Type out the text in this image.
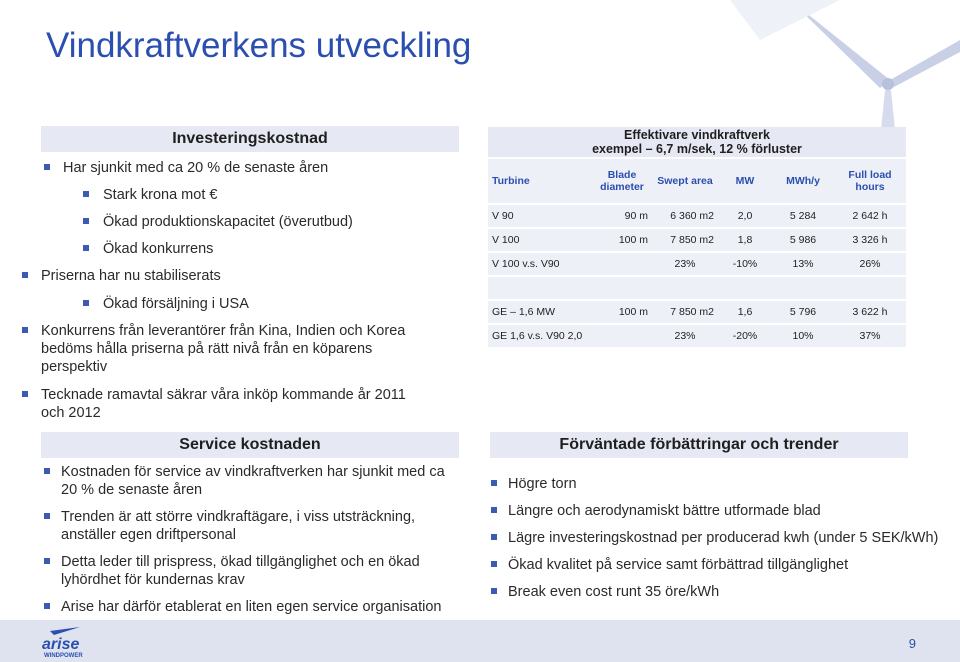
Vindkraftverkens utveckling
Investeringskostnad
Har sjunkit med ca 20 % de senaste åren
Stark krona mot €
Ökad produktionskapacitet (överutbud)
Ökad konkurrens
Priserna har nu stabiliserats
Ökad försäljning i USA
Konkurrens från leverantörer från Kina, Indien och Korea bedöms hålla priserna på rätt nivå från en köparens perspektiv
Tecknade ramavtal säkrar våra inköp kommande år 2011 och 2012
Effektivare vindkraftverk
exempel – 6,7 m/sek, 12 % förluster					

Turbine	Blade diameter	Swept area	MW	MWh/y	Full load hours
V 90	90 m	6 360 m2	2,0	5 284	2 642 h
V 100	100 m	7 850 m2	1,8	5 986	3 326 h
V 100 v.s. V90		23%	-10%	13%	26%

GE – 1,6 MW	100 m	7 850 m2	1,6	5 796	3 622 h
GE 1,6 v.s. V90 2,0		23%	-20%	10%	37%
Service kostnaden
Kostnaden för service av vindkraftverken har sjunkit med ca 20 % de senaste åren
Trenden är att större vindkraftägare, i viss utsträckning, anställer egen driftpersonal
Detta leder till prispress, ökad tillgänglighet och en ökad lyhördhet för kundernas krav
Arise har därför etablerat en liten egen service organisation
Förväntade förbättringar och trender
Högre torn
Längre och aerodynamiskt bättre utformade blad
Lägre investeringskostnad per producerad kwh (under 5 SEK/kWh)
Ökad kvalitet på service samt förbättrad tillgänglighet
Break even cost runt 35 öre/kWh
arise
WINDPOWER
9
